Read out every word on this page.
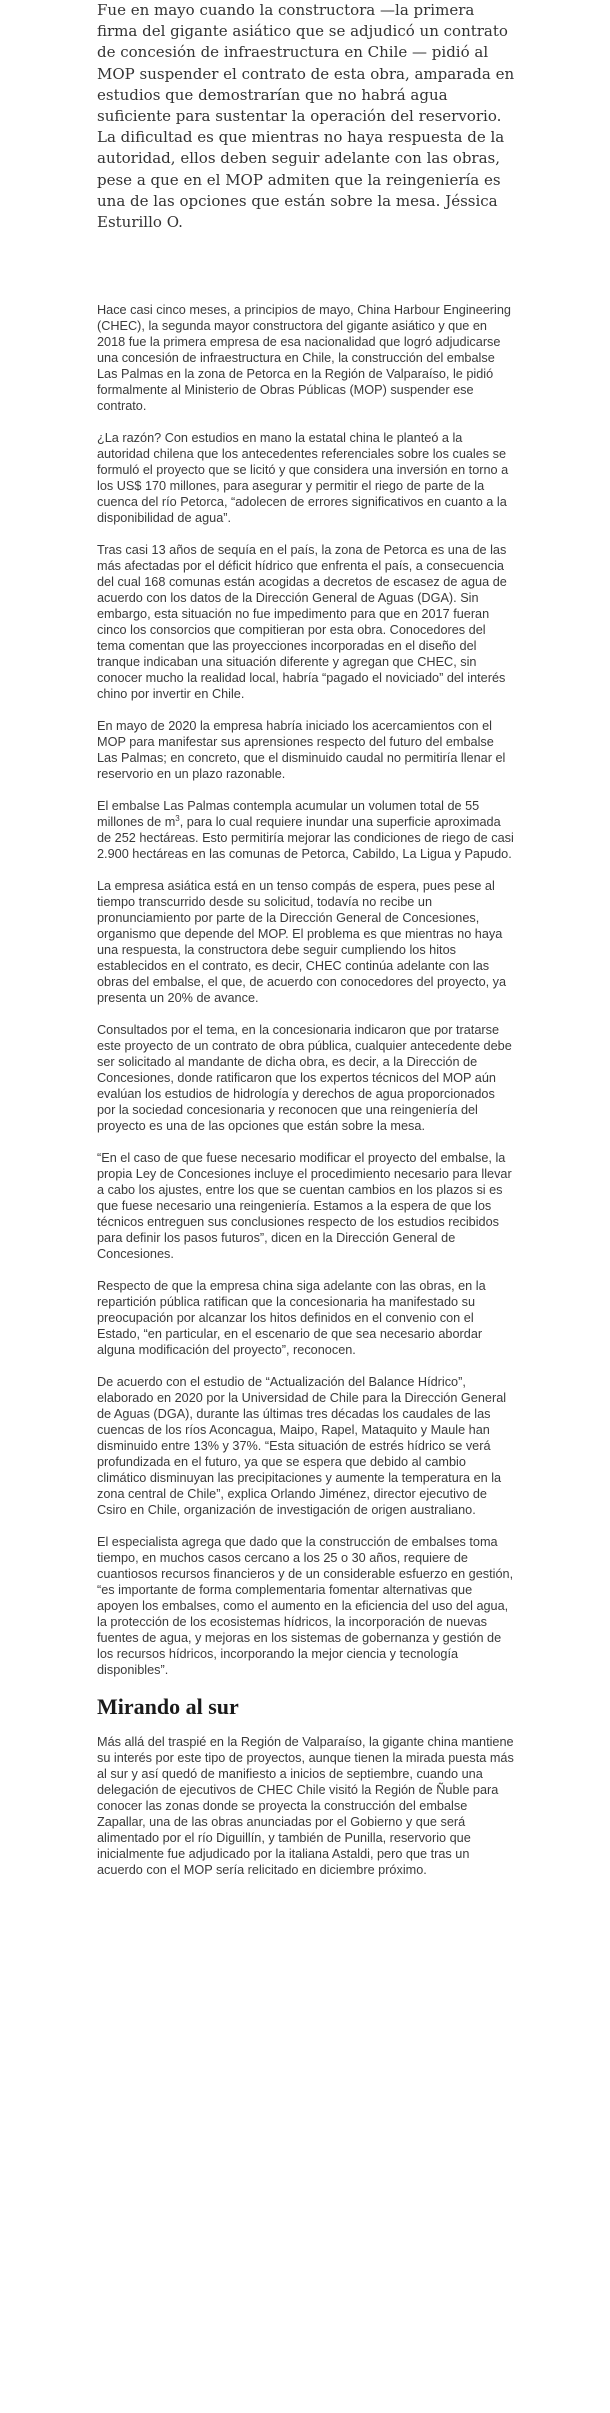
Fue en mayo cuando la constructora —la primera firma del gigante asiático que se adjudicó un contrato de concesión de infraestructura en Chile — pidió al MOP suspender el contrato de esta obra, amparada en estudios que demostrarían que no habrá agua suficiente para sustentar la operación del reservorio. La dificultad es que mientras no haya respuesta de la autoridad, ellos deben seguir adelante con las obras, pese a que en el MOP admiten que la reingeniería es una de las opciones que están sobre la mesa. Jéssica Esturillo O.

Hace casi cinco meses, a principios de mayo, China Harbour Engineering (CHEC), la segunda mayor constructora del gigante asiático y que en 2018 fue la primera empresa de esa nacionalidad que logró adjudicarse una concesión de infraestructura en Chile, la construcción del embalse Las Palmas en la zona de Petorca en la Región de Valparaíso, le pidió formalmente al Ministerio de Obras Públicas (MOP) suspender ese contrato.

¿La razón? Con estudios en mano la estatal china le planteó a la autoridad chilena que los antecedentes referenciales sobre los cuales se formuló el proyecto que se licitó y que considera una inversión en torno a los US$ 170 millones, para asegurar y permitir el riego de parte de la cuenca del río Petorca, “adolecen de errores significativos en cuanto a la disponibilidad de agua”.

Tras casi 13 años de sequía en el país, la zona de Petorca es una de las más afectadas por el déficit hídrico que enfrenta el país, a consecuencia del cual 168 comunas están acogidas a decretos de escasez de agua de acuerdo con los datos de la Dirección General de Aguas (DGA). Sin embargo, esta situación no fue impedimento para que en 2017 fueran cinco los consorcios que compitieran por esta obra. Conocedores del tema comentan que las proyecciones incorporadas en el diseño del tranque indicaban una situación diferente y agregan que CHEC, sin conocer mucho la realidad local, habría “pagado el noviciado” del interés chino por invertir en Chile.

En mayo de 2020 la empresa habría iniciado los acercamientos con el MOP para manifestar sus aprensiones respecto del futuro del embalse Las Palmas; en concreto, que el disminuido caudal no permitiría llenar el reservorio en un plazo razonable.

El embalse Las Palmas contempla acumular un volumen total de 55 millones de $m^3$, para lo cual requiere inundar una superficie aproximada de 252 hectáreas. Esto permitiría mejorar las condiciones de riego de casi 2.900 hectáreas en las comunas de Petorca, Cabildo, La Ligua y Papudo.

La empresa asiática está en un tenso compás de espera, pues pese al tiempo transcurrido desde su solicitud, todavía no recibe un pronunciamiento por parte de la Dirección General de Concesiones, organismo que depende del MOP. El problema es que mientras no haya una respuesta, la constructora debe seguir cumpliendo los hitos establecidos en el contrato, es decir, CHEC continúa adelante con las obras del embalse, el que, de acuerdo con conocedores del proyecto, ya presenta un 20% de avance.

Consultados por el tema, en la concesionaria indicaron que por tratarse este proyecto de un contrato de obra pública, cualquier antecedente debe ser solicitado al mandante de dicha obra, es decir, a la Dirección de Concesiones, donde ratificaron que los expertos técnicos del MOP aún evalúan los estudios de hidrología y derechos de agua proporcionados por la sociedad concesionaria y reconocen que una reingeniería del proyecto es una de las opciones que están sobre la mesa.

“En el caso de que fuese necesario modificar el proyecto del embalse, la propia Ley de Concesiones incluye el procedimiento necesario para llevar a cabo los ajustes, entre los que se cuentan cambios en los plazos si es que fuese necesario una reingeniería. Estamos a la espera de que los técnicos entreguen sus conclusiones respecto de los estudios recibidos para definir los pasos futuros”, dicen en la Dirección General de Concesiones.

Respecto de que la empresa china siga adelante con las obras, en la repartición pública ratifican que la concesionaria ha manifestado su preocupación por alcanzar los hitos definidos en el convenio con el Estado, “en particular, en el escenario de que sea necesario abordar alguna modificación del proyecto”, reconocen.

De acuerdo con el estudio de “Actualización del Balance Hídrico”, elaborado en 2020 por la Universidad de Chile para la Dirección General de Aguas (DGA), durante las últimas tres décadas los caudales de las cuencas de los ríos Aconcagua, Maipo, Rapel, Mataquito y Maule han disminuido entre 13% y 37%. “Esta situación de estrés hídrico se verá profundizada en el futuro, ya que se espera que debido al cambio climático disminuyan las precipitaciones y aumente la temperatura en la zona central de Chile”, explica Orlando Jiménez, director ejecutivo de Csiro en Chile, organización de investigación de origen australiano.

El especialista agrega que dado que la construcción de embalses toma tiempo, en muchos casos cercano a los 25 o 30 años, requiere de cuantiosos recursos financieros y de un considerable esfuerzo en gestión, “es importante de forma complementaria fomentar alternativas que apoyen los embalses, como el aumento en la eficiencia del uso del agua, la protección de los ecosistemas hídricos, la incorporación de nuevas fuentes de agua, y mejoras en los sistemas de gobernanza y gestión de los recursos hídricos, incorporando la mejor ciencia y tecnología disponibles”.

Mirando al sur

Más allá del traspié en la Región de Valparaíso, la gigante china mantiene su interés por este tipo de proyectos, aunque tienen la mirada puesta más al sur y así quedó de manifiesto a inicios de septiembre, cuando una delegación de ejecutivos de CHEC Chile visitó la Región de Ñuble para conocer las zonas donde se proyecta la construcción del embalse Zapallar, una de las obras anunciadas por el Gobierno y que será alimentado por el río Diguillín, y también de Punilla, reservorio que inicialmente fue adjudicado por la italiana Astaldi, pero que tras un acuerdo con el MOP sería relicitado en diciembre próximo.
